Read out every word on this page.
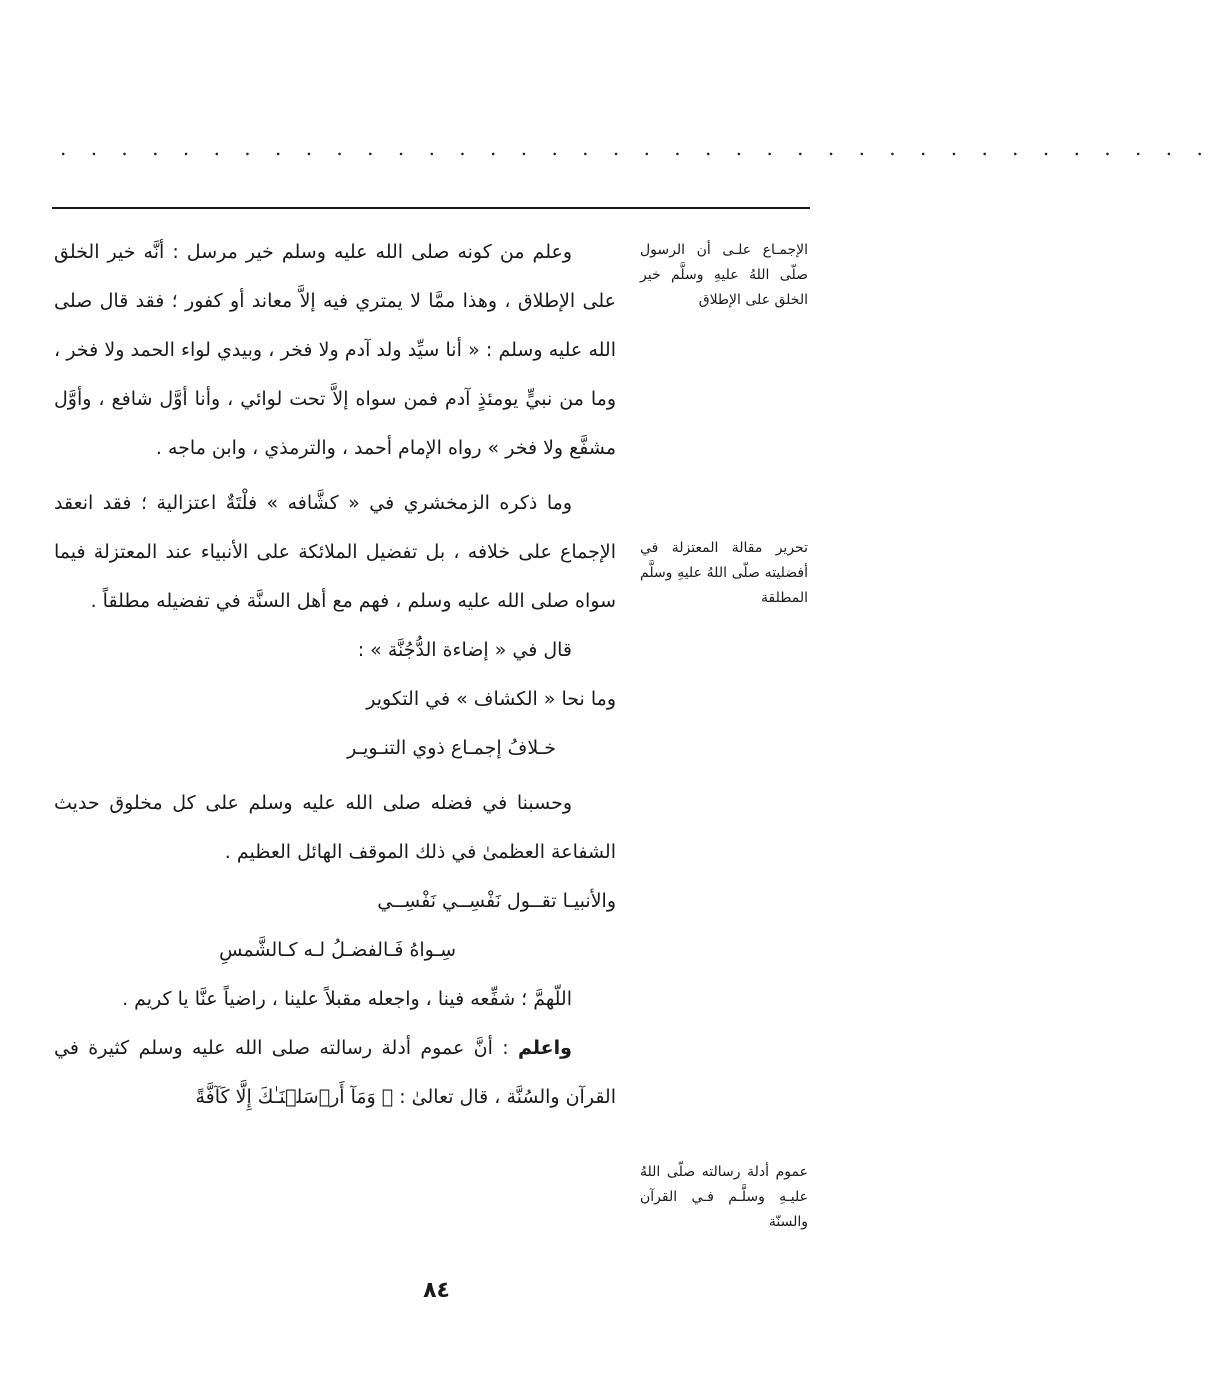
. . . . . . . . . . . . . . . . . . . . . . . . . . . . . . . . . . . . . .
الإجمـاع علـى أن الرسول صلّى اللهُ عليهِ وسلَّم خير الخلق على الإطلاق
تحرير مقالة المعتزلة في أفضليته صلّى اللهُ عليهِ وسلَّم المطلقة
عموم أدلة رسالته صلّى اللهُ عليـهِ وسلَّـم فـي القرآن والسنّة

وعلم من كونه صلى الله عليه وسلم خير مرسل : أنَّه خير الخلق على الإطلاق ، وهذا ممَّا لا يمتري فيه إلاَّ معاند أو كفور ؛ فقد قال صلى الله عليه وسلم : « أنا سيِّد ولد آدم ولا فخر ، وبيدي لواء الحمد ولا فخر ، وما من نبيٍّ يومئذٍ آدم فمن سواه إلاَّ تحت لوائي ، وأنا أوَّل شافع ، وأوَّل مشفَّع ولا فخر » رواه الإمام أحمد ، والترمذي ، وابن ماجه .

وما ذكره الزمخشري في « كشَّافه » فلْتَةٌ اعتزالية ؛ فقد انعقد الإجماع على خلافه ، بل تفضيل الملائكة على الأنبياء عند المعتزلة فيما سواه صلى الله عليه وسلم ، فهم مع أهل السنَّة في تفضيله مطلقاً .

قال في « إضاءة الدُّجُنَّة » :

وما نحا « الكشاف » في التكوير

خـلافُ إجمـاع ذوي التنـويـر

وحسبنا في فضله صلى الله عليه وسلم على كل مخلوق حديث الشفاعة العظمىٰ في ذلك الموقف الهائل العظيم .

والأنبيـا تقــول نَفْسِــي نَفْسِــي

سِـواهُ فَـالفضـلُ لـه كـالشَّمسِ

اللّهمَّ ؛ شفِّعه فينا ، واجعله مقبلاً علينا ، راضياً عنَّا يا كريم .

واعلم : أنَّ عموم أدلة رسالته صلى الله عليه وسلم كثيرة في القرآن والسُنَّة ، قال تعالىٰ : ﴿ وَمَآ أَرۡسَلۡنَـٰكَ إِلَّا كَآفَّةً

٨٤
